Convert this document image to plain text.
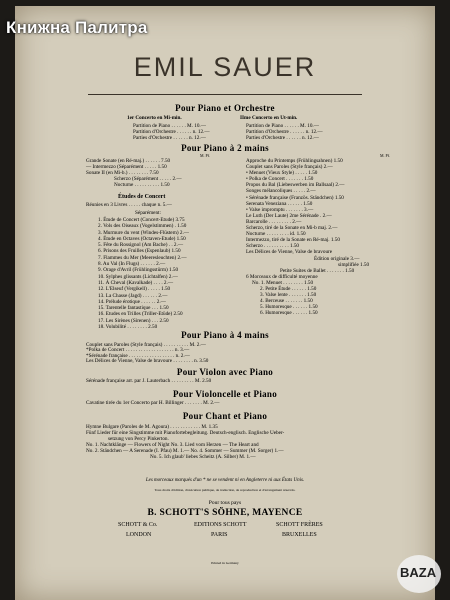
Книжна Палитра
EMIL SAUER
Pour Piano et Orchestre
1er Concerto en Mi-min.
Partition de Piano . . . . . . M. 10.—
Partition d'Orchestre . . . . . . n. 12.—
Parties d'Orchestre . . . . . . n. 12.—
IIme Concerto en Ut-min.
Partition de Piano . . . . . . M. 10.—
Partition d'Orchestre . . . . . . n. 12.—
Parties d'Orchestre . . . . . . n. 12.—
Pour Piano à 2 mains
M. Pf.	M. Pf.
Grande Sonate (en Ré-maj.) . . . . . . 7.50
— Intermezzo (Séparément . . . . . 1.50
Sonate II (en Mi-b.) . . . . . . . . 7.50
Scherzo (Séparément . . . . . 2.—
Nocturne . . . . . . . . . . 1.50
Études de Concert
Réunies en 3 Livres . . . . . chaque n. 5.—
Séparément:
1. Étude de Concert (Concert-Etude) 3.75
2. Vols des Oiseaux (Vogelstimmen) . 1.50
3. Murmure du vent (Windes-Flüstern) 2.—
4. Étude en Octaves (Octaven-Etude) 1.50
5. Fête du Rossignol (Am Bache) . . 2.—
6. Prisons des Fruilles (Espenlaub) 1.50
7. Flammes du Mer (Meeresleuchten) 2.—
8. Au Val (In Flugs) . . . . . . 2.—
9. Orage d'Avril (Frühlingsstürm) 1.50
10. Sylphes glissants (Lichtalfen) 2.—
11. À Cheval (Kavalkade) . . . . 2.—
12. L'Elseuf (Vergikell) . . . . . 1.50
13. La Chasse (Jagd) . . . . . . 2.—
14. Prélude érotique . . . . . . 2.—
15. Tarentelle fantastique . . . 1.50
16. Etudes en Trilles (Triller-Etüde) 2.50
17. Les Sirènes (Sirenen) . . . 2.50
18. Volubilité . . . . . . . . 2.50
Approche du Printemps (Frühlingsahnen) 1.50
Couplet sans Paroles (Style français) 2.—
• Menuet (Vieux Style) . . . . . 1.50
• Polka de Concert . . . . . . . 1.50
Propos du Bal (Liebeswerben im Ballsaal) 2.—
Songes mélancoliques . . . . . 2.—
• Sérénade française (Französ. Ständchen) 1.50
Serenata Veneziana . . . . . . 1.50
• Valse impromptu . . . . . . . 3.—
Le Luth (Der Laute) 2me Sérénade . 2.—
Barcarolle . . . . . . . . . 2.—
Scherzo, tiré de la Sonate en Mi-b maj. 2.—
Nocturne . . . . . . . . . id. 1.50
Intermezzo, tiré de la Sonate en Ré-maj. 1.50
Scherzo . . . . . . . . . . 1.50
Les Délices de Vienne, Valse de bravoure
Édition originale 3.—
simplifiée 1.50
Petite Suites de Ballet . . . . . . . 1.50
6 Morceaux de difficulté moyenne
No. 1. Menuet . . . . . . . . 1.50
2. Petite Étude . . . . . . 1.50
3. Valse lente . . . . . . . 1.50
4. Berceuse . . . . . . . 1.50
5. Humoresque . . . . . . 1.50
6. Humoresque . . . . . . 1.50
Pour Piano à 4 mains
Couplet sans Paroles (Style français) . . . . . . . . . . M. 2.—
*Polka de Concert . . . . . . . . . . . . . . . . . . . n. 3.—
*Sérénade française . . . . . . . . . . . . . . . . . . n. 2.—
Les Délices de Vienne, Valse de bravoure . . . . . . . . n. 3.50
Pour Violon avec Piano
Sérénade française arr. par J. Lauterbach . . . . . . . . . M. 2.50
Pour Violoncelle et Piano
Cavatine tirée du 1er Concerto par H. Billinger . . . . . . . M. 2.—
Pour Chant et Piano
Hymne Bulgare (Paroles de M. Agoura) . . . . . . . . . . . . M. 1.35
Fünf Lieder für eine Singstimme mit Pianofortebegleitung. Deutsch-englisch. Englische Ueber-
setzung von Percy Pinkerton.
No. 1. Nachtklänge — Flowers of Night No. 3. Lied vom Herzen — The Heart and
No. 2. Ständchen — A Serenade (I. Pfau) M. 1.— No. 4. Sommer — Summer (M. Sorger) 1.—
No. 5. Ich glaub' liebes Scheitz (A. Silber) M. 1.—
Les morceaux marqués d'un * ne se vendent ni en Angleterre ni aux États Unis.
Tous droits d'édition, d'exécution publique, de traduction, de reproduction et d'arrangement réservés.
Pour tous pays
B. SCHOTT'S SÖHNE, MAYENCE
SCHOTT & Co.	EDITIONS SCHOTT	SCHOTT FRÈRES
LONDON	PARIS	BRUXELLES
Printed in Germany
BAZA
